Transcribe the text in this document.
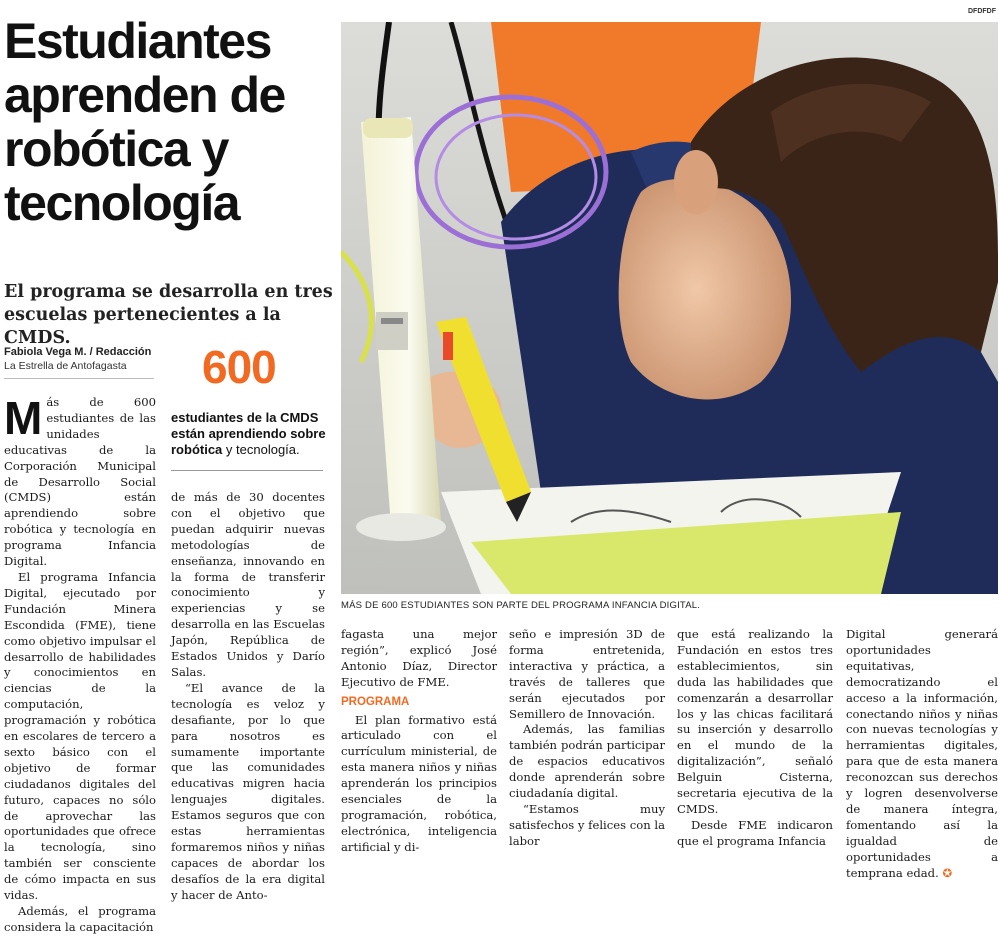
DFDFDF
Estudiantes aprenden de robótica y tecnología
El programa se desarrolla en tres escuelas pertenecientes a la CMDS.
Fabiola Vega M. / Redacción
La Estrella de Antofagasta 600
estudiantes de la CMDS están aprendiendo sobre robótica y tecnología.

Más de 600 estudiantes de las unidades educativas de la Corporación Municipal de Desarrollo Social (CMDS) están aprendiendo sobre robótica y tecnología en programa Infancia Digital.

El programa Infancia Digital, ejecutado por Fundación Minera Escondida (FME), tiene como objetivo impulsar el desarrollo de habilidades y conocimientos en ciencias de la computación, programación y robótica en escolares de tercero a sexto básico con el objetivo de formar ciudadanos digitales del futuro, capaces no sólo de aprovechar las oportunidades que ofrece la tecnología, sino también ser consciente de cómo impacta en sus vidas.

Además, el programa considera la capacitación

de más de 30 docentes con el objetivo que puedan adquirir nuevas metodologías de enseñanza, innovando en la forma de transferir conocimiento y experiencias y se desarrolla en las Escuelas Japón, República de Estados Unidos y Darío Salas.

“El avance de la tecnología es veloz y desafiante, por lo que para nosotros es sumamente importante que las comunidades educativas migren hacia lenguajes digitales. Estamos seguros que con estas herramientas formaremos niños y niñas capaces de abordar los desafíos de la era digital y hacer de Anto-

fagasta una mejor región”, explicó José Antonio Díaz, Director Ejecutivo de FME.

PROGRAMA

El plan formativo está articulado con el currículum ministerial, de esta manera niños y niñas aprenderán los principios esenciales de la programación, robótica, electrónica, inteligencia artificial y di-

seño e impresión 3D de forma entretenida, interactiva y práctica, a través de talleres que serán ejecutados por Semillero de Innovación.

Además, las familias también podrán participar de espacios educativos donde aprenderán sobre ciudadanía digital.

“Estamos muy satisfechos y felices con la labor

que está realizando la Fundación en estos tres establecimientos, sin duda las habilidades que comenzarán a desarrollar los y las chicas facilitará su inserción y desarrollo en el mundo de la digitalización”, señaló Belguin Cisterna, secretaria ejecutiva de la CMDS.

Desde FME indicaron que el programa Infancia

Digital generará oportunidades equitativas, democratizando el acceso a la información, conectando niños y niñas con nuevas tecnologías y herramientas digitales, para que de esta manera reconozcan sus derechos y logren desenvolverse de manera íntegra, fomentando así la igualdad de oportunidades a temprana edad. ✪

MÁS DE 600 ESTUDIANTES SON PARTE DEL PROGRAMA INFANCIA DIGITAL.
